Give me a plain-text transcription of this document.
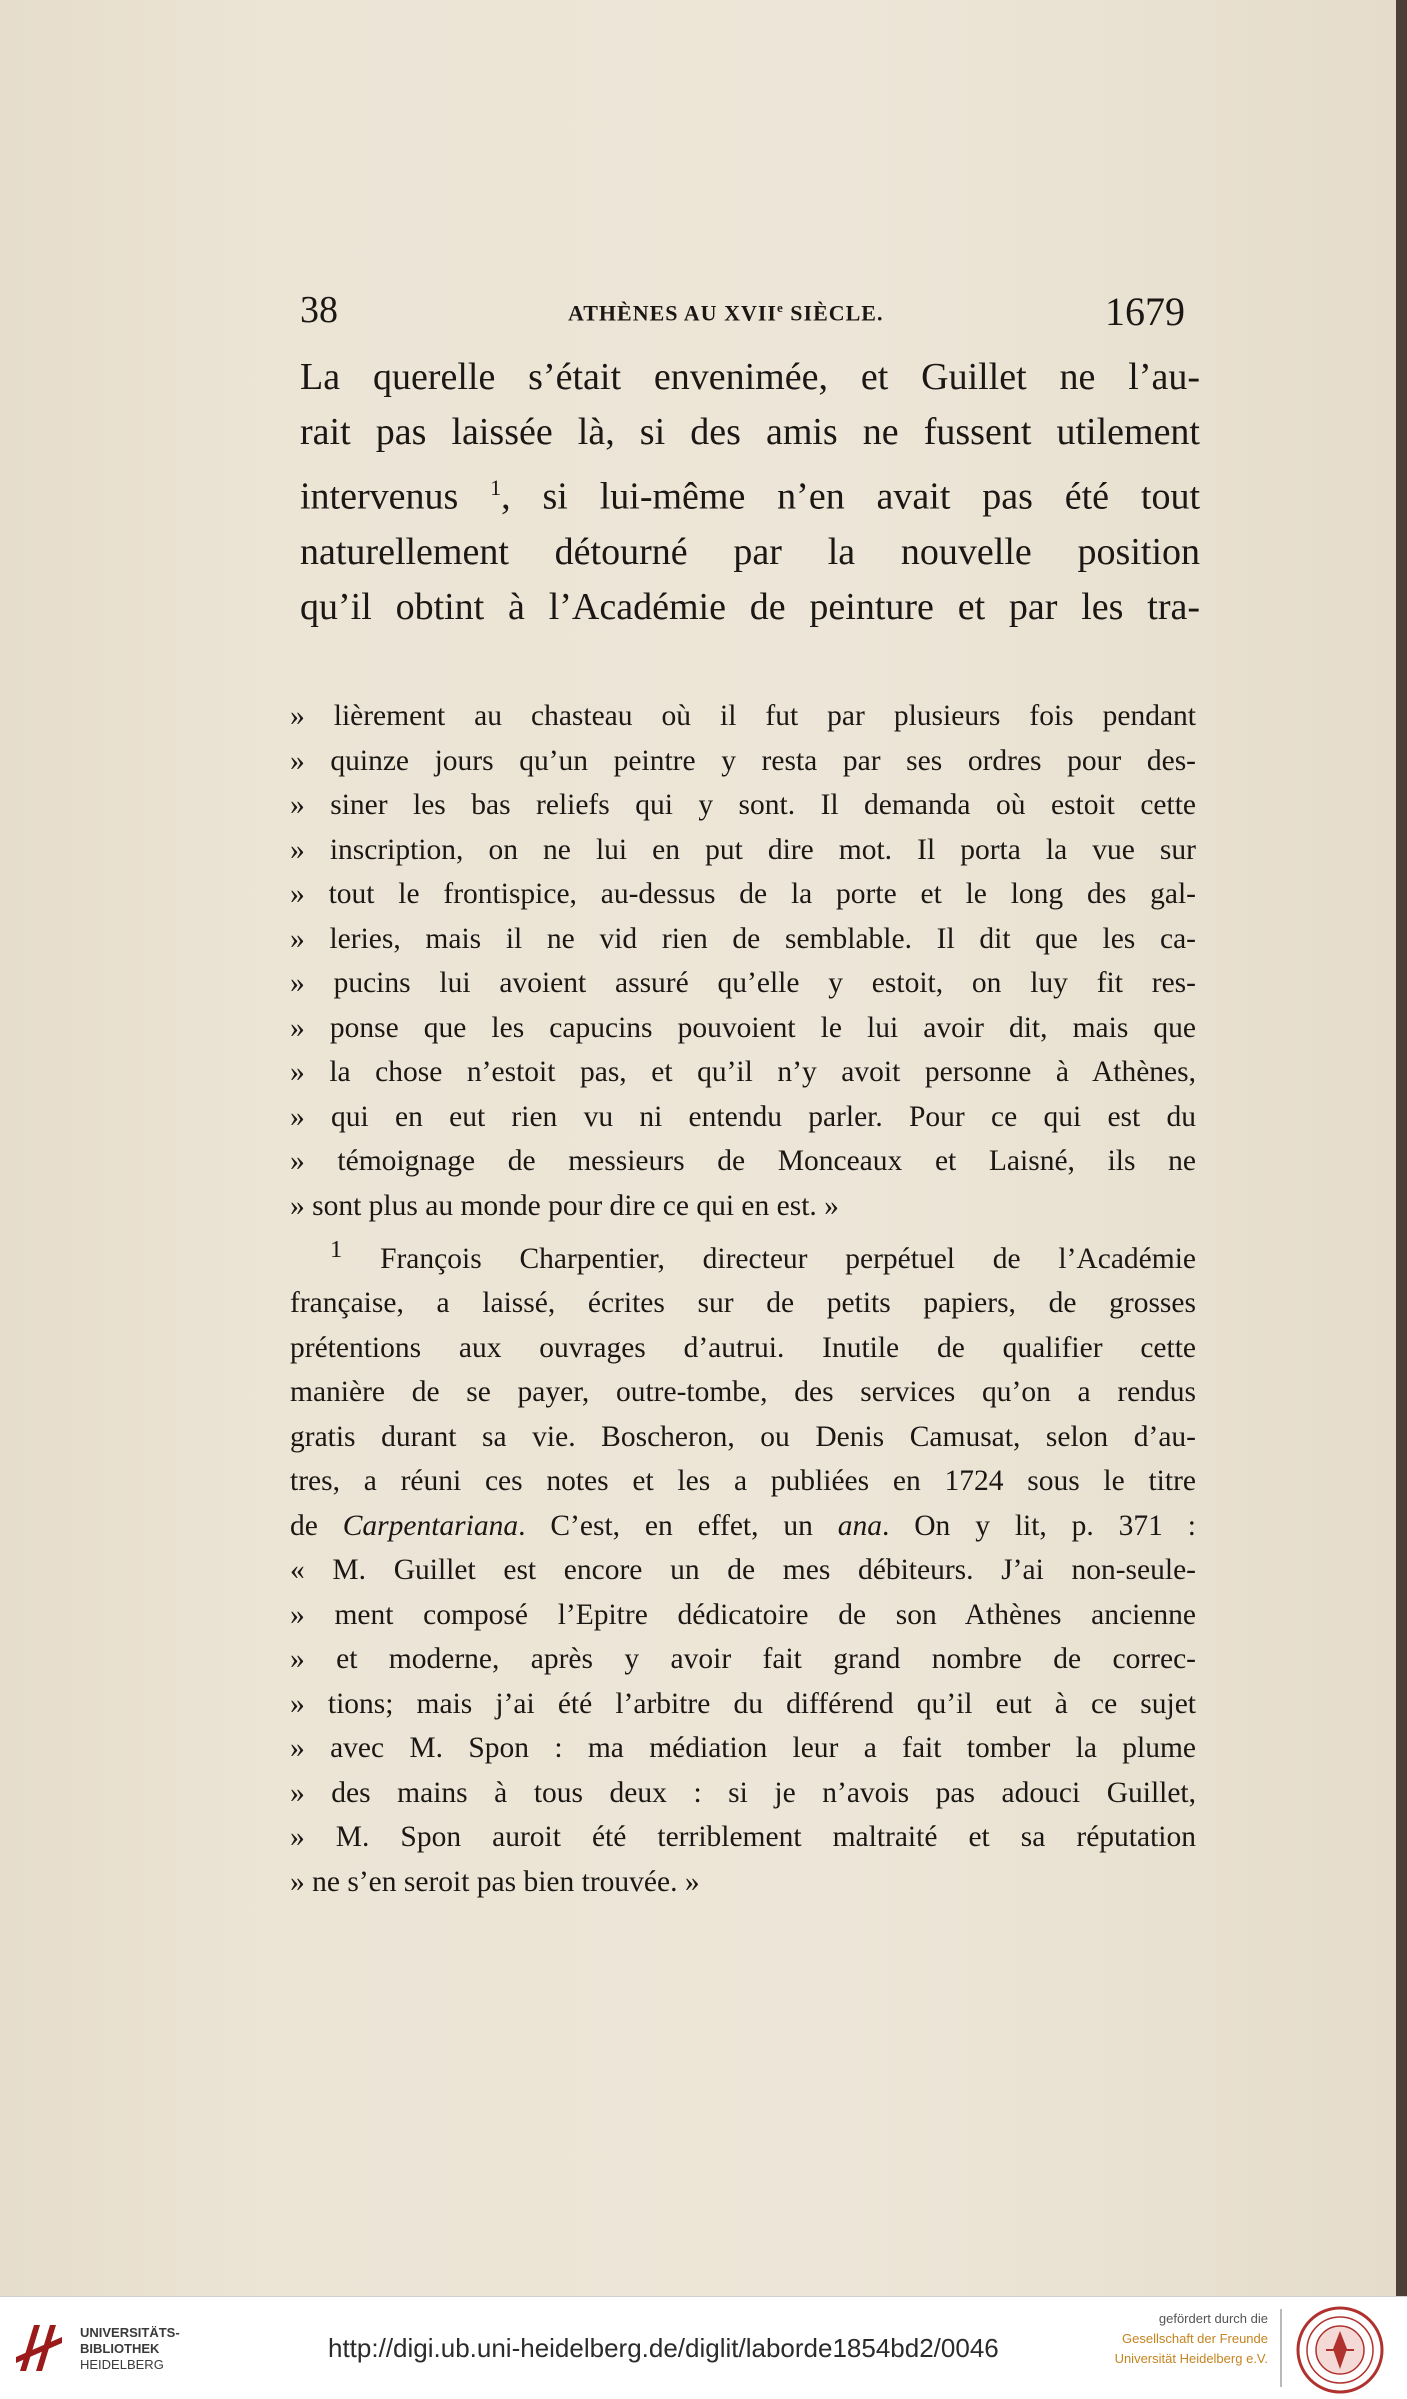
38	ATHÈNES AU XVIIe SIÈCLE.	1679
La querelle s’était envenimée, et Guillet ne l’au-
rait pas laissée là, si des amis ne fussent utilement
intervenus $^1$, si lui-même n’en avait pas été tout
naturellement détourné par la nouvelle position
qu’il obtint à l’Académie de peinture et par les tra-
» lièrement au chasteau où il fut par plusieurs fois pendant
» quinze jours qu’un peintre y resta par ses ordres pour des-
» siner les bas reliefs qui y sont. Il demanda où estoit cette
» inscription, on ne lui en put dire mot. Il porta la vue sur
» tout le frontispice, au-dessus de la porte et le long des gal-
» leries, mais il ne vid rien de semblable. Il dit que les ca-
» pucins lui avoient assuré qu’elle y estoit, on luy fit res-
» ponse que les capucins pouvoient le lui avoir dit, mais que
» la chose n’estoit pas, et qu’il n’y avoit personne à Athènes,
» qui en eut rien vu ni entendu parler. Pour ce qui est du
» témoignage de messieurs de Monceaux et Laisné, ils ne
» sont plus au monde pour dire ce qui en est. »
$^1$ François Charpentier, directeur perpétuel de l’Académie
française, a laissé, écrites sur de petits papiers, de grosses
prétentions aux ouvrages d’autrui. Inutile de qualifier cette
manière de se payer, outre-tombe, des services qu’on a rendus
gratis durant sa vie. Boscheron, ou Denis Camusat, selon d’au-
tres, a réuni ces notes et les a publiées en 1724 sous le titre
de Carpentariana. C’est, en effet, un ana. On y lit, p. 371 :
« M. Guillet est encore un de mes débiteurs. J’ai non-seule-
» ment composé l’Epitre dédicatoire de son Athènes ancienne
» et moderne, après y avoir fait grand nombre de correc-
» tions; mais j’ai été l’arbitre du différend qu’il eut à ce sujet
» avec M. Spon : ma médiation leur a fait tomber la plume
» des mains à tous deux : si je n’avois pas adouci Guillet,
» M. Spon auroit été terriblement maltraité et sa réputation
» ne s’en seroit pas bien trouvée. »
UNIVERSITÄTS-
BIBLIOTHEK
HEIDELBERG
http://digi.ub.uni-heidelberg.de/diglit/laborde1854bd2/0046
gefördert durch die
Gesellschaft der Freunde
Universität Heidelberg e.V.
